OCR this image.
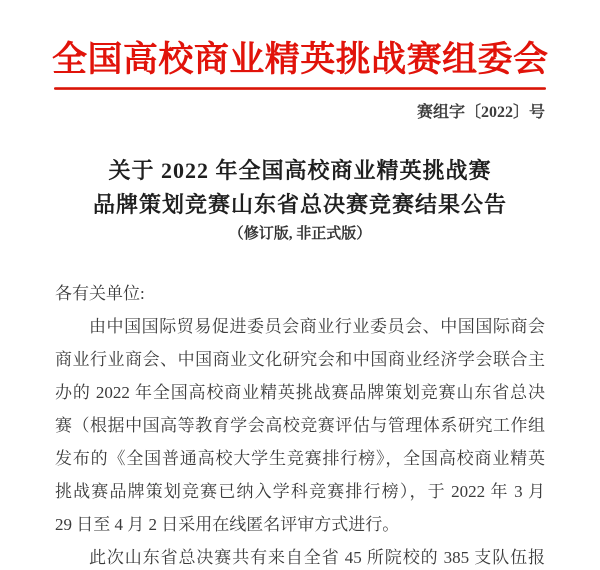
全国高校商业精英挑战赛组委会
赛组字〔2022〕号
关于 2022 年全国高校商业精英挑战赛
品牌策划竞赛山东省总决赛竞赛结果公告
（修订版, 非正式版）
各有关单位:
由中国国际贸易促进委员会商业行业委员会、中国国际商会
商业行业商会、中国商业文化研究会和中国商业经济学会联合主
办的 2022 年全国高校商业精英挑战赛品牌策划竞赛山东省总决
赛（根据中国高等教育学会高校竞赛评估与管理体系研究工作组
发布的《全国普通高校大学生竞赛排行榜》，全国高校商业精英
挑战赛品牌策划竞赛已纳入学科竞赛排行榜），于 2022 年 3 月
29 日至 4 月 2 日采用在线匿名评审方式进行。
此次山东省总决赛共有来自全省 45 所院校的 385 支队伍报
